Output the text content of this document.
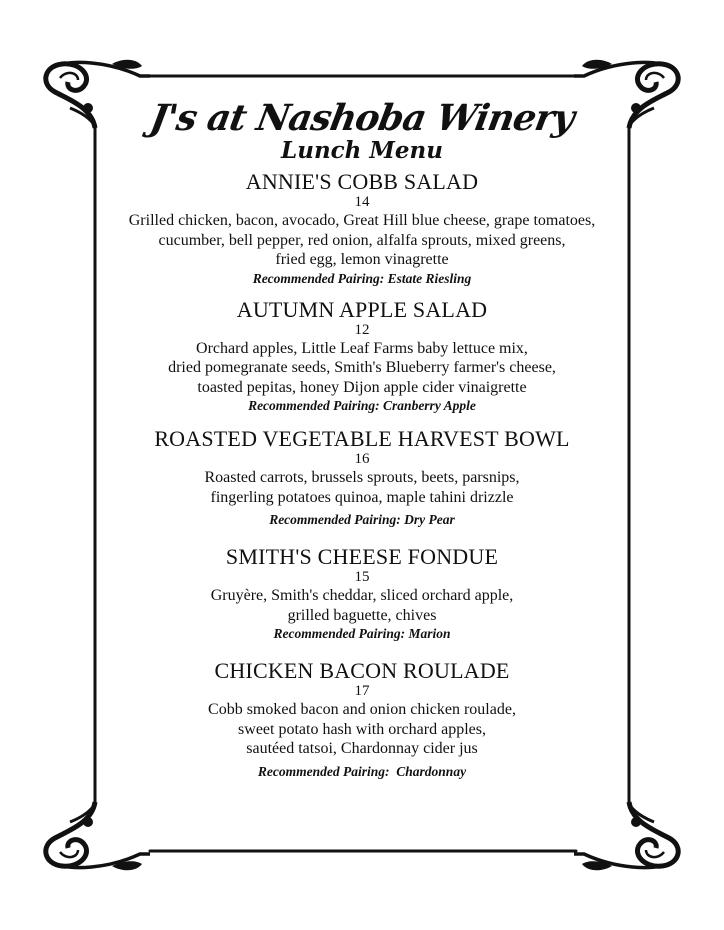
J's at Nashoba Winery
Lunch Menu
ANNIE'S COBB SALAD
14
Grilled chicken, bacon, avocado, Great Hill blue cheese, grape tomatoes,
cucumber, bell pepper, red onion, alfalfa sprouts, mixed greens,
fried egg, lemon vinagrette
Recommended Pairing: Estate Riesling
AUTUMN APPLE SALAD
12
Orchard apples, Little Leaf Farms baby lettuce mix,
dried pomegranate seeds, Smith's Blueberry farmer's cheese,
toasted pepitas, honey Dijon apple cider vinaigrette
Recommended Pairing: Cranberry Apple
ROASTED VEGETABLE HARVEST BOWL
16
Roasted carrots, brussels sprouts, beets, parsnips,
fingerling potatoes quinoa, maple tahini drizzle
Recommended Pairing: Dry Pear
SMITH'S CHEESE FONDUE
15
Gruyère, Smith's cheddar, sliced orchard apple,
grilled baguette, chives
Recommended Pairing: Marion
CHICKEN BACON ROULADE
17
Cobb smoked bacon and onion chicken roulade,
sweet potato hash with orchard apples,
sautéed tatsoi, Chardonnay cider jus
Recommended Pairing:  Chardonnay
